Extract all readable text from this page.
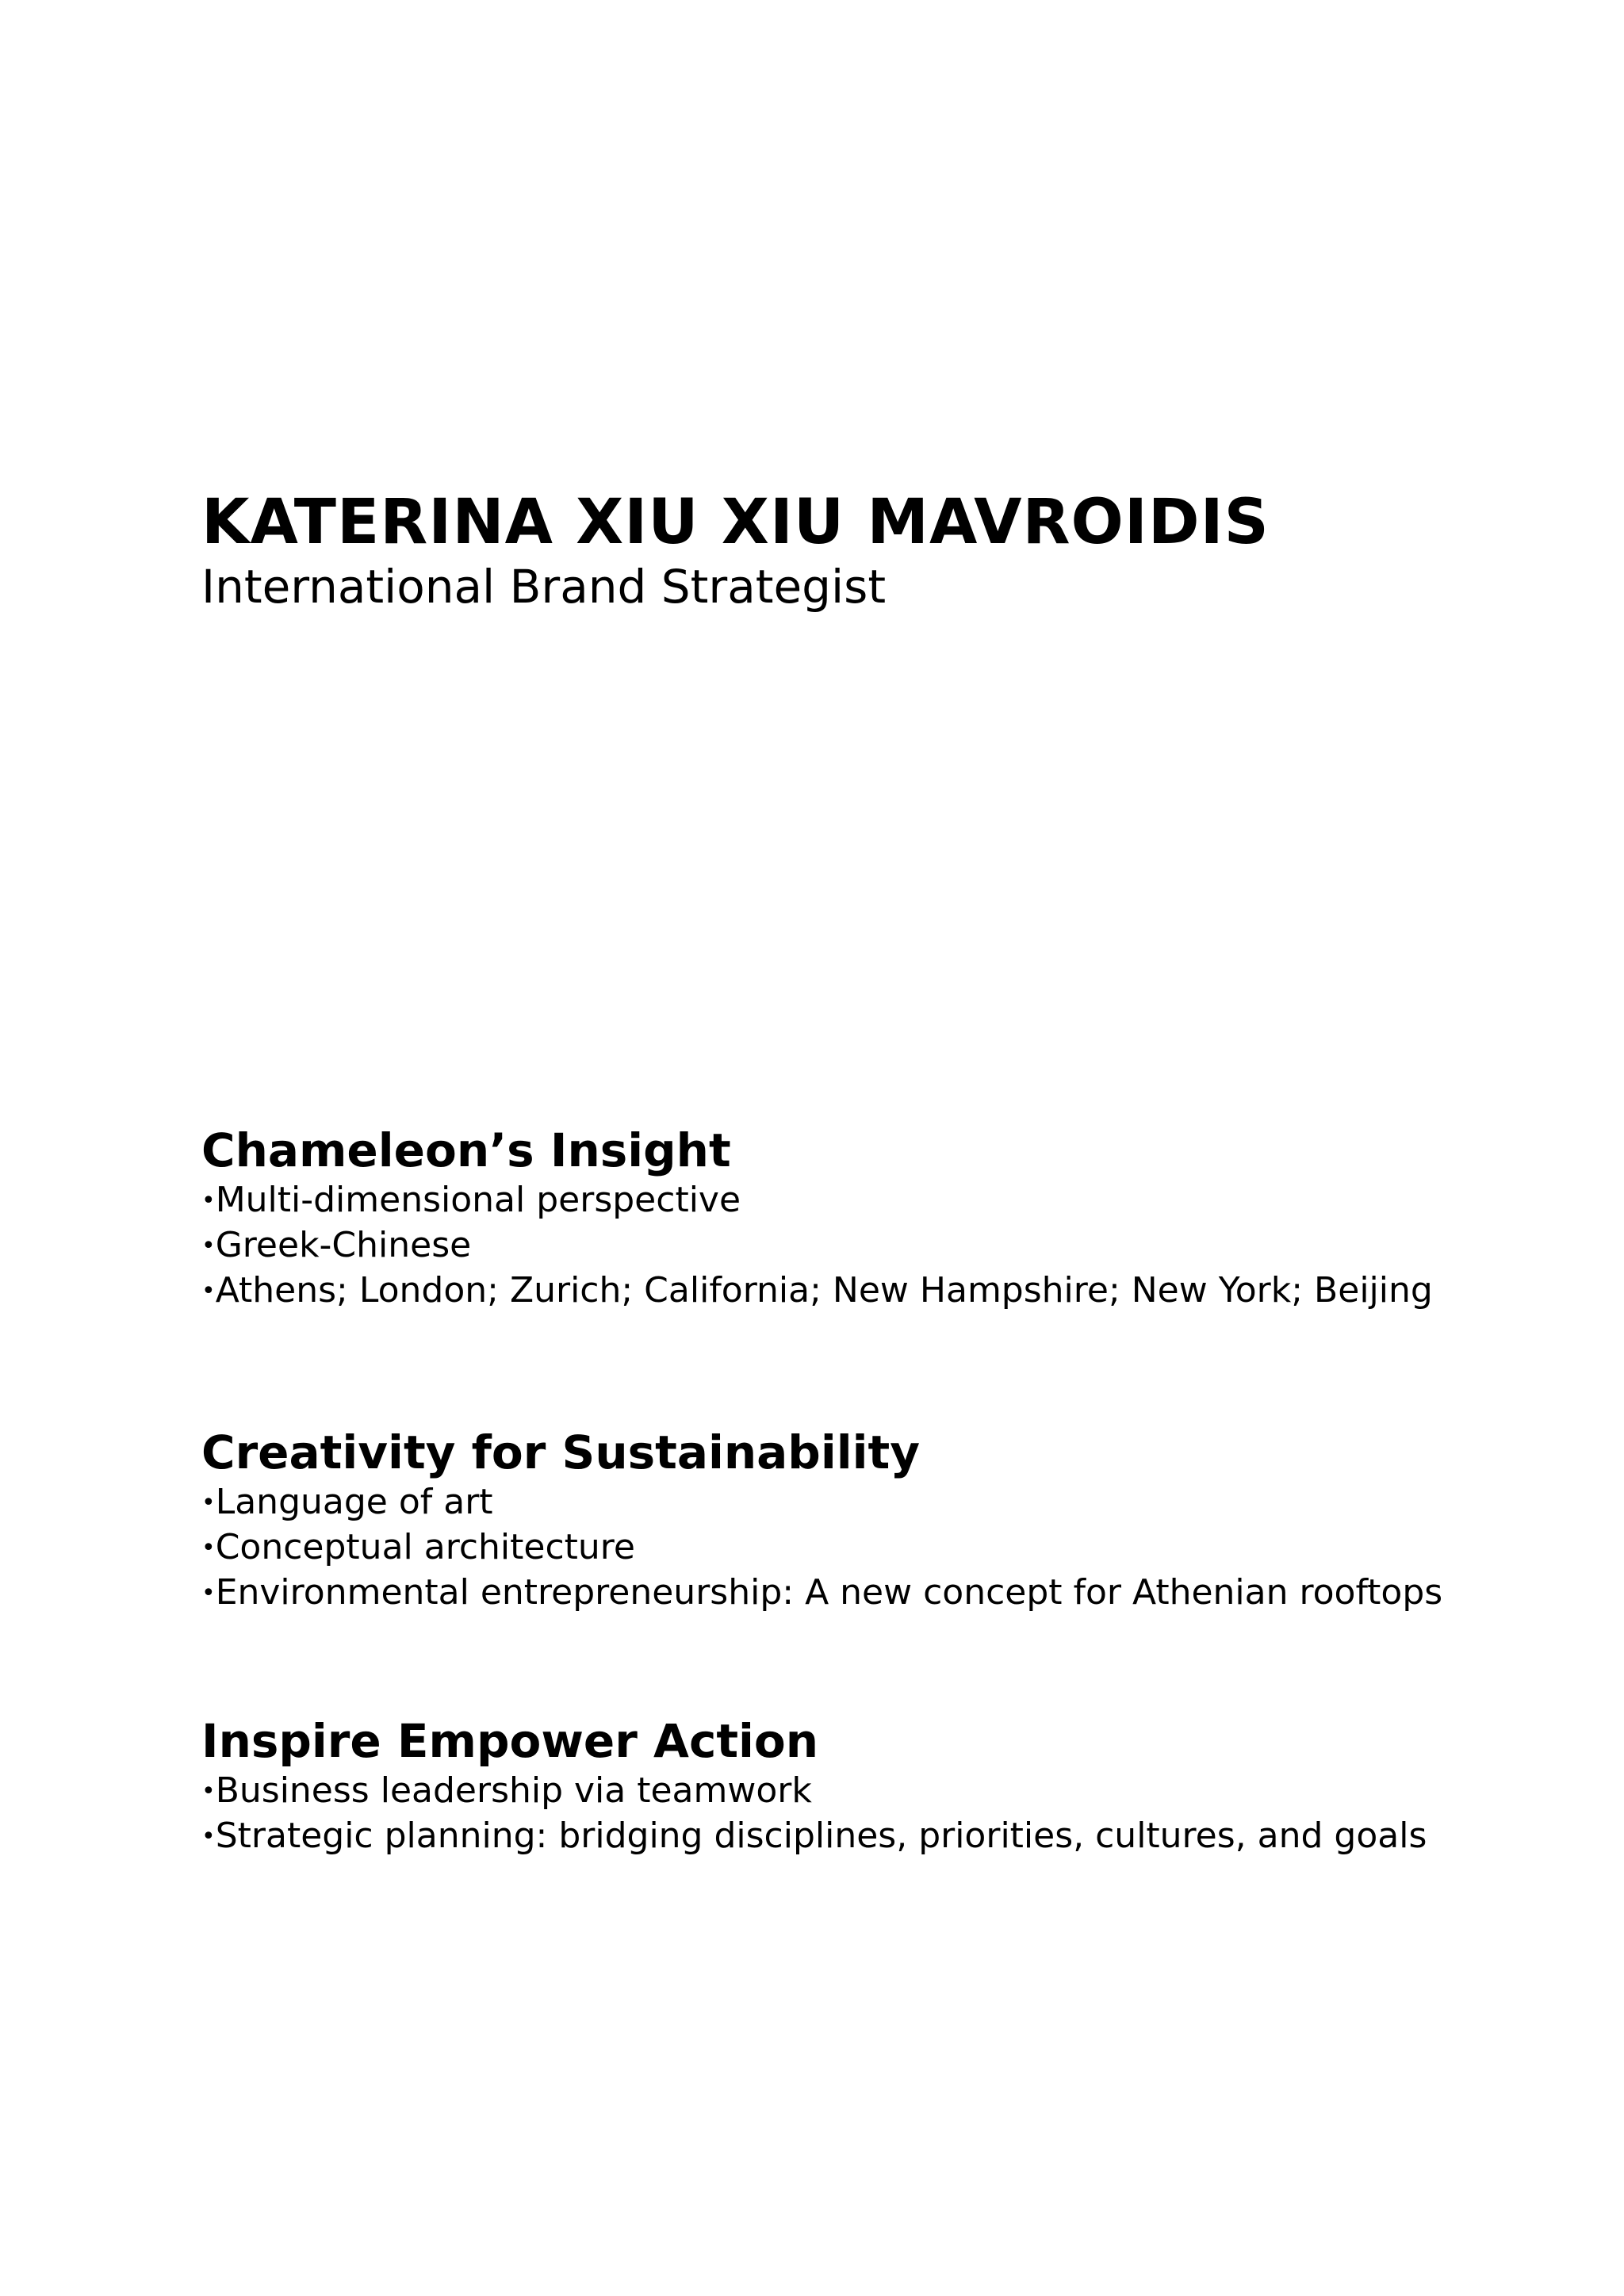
KATERINA XIU XIU MAVROIDIS
International Brand Strategist
Chameleon’s Insight
•Multi-dimensional perspective
•Greek-Chinese
•Athens; London; Zurich; California; New Hampshire; New York; Beijing
Creativity for Sustainability
•Language of art
•Conceptual architecture
•Environmental entrepreneurship: A new concept for Athenian rooftops
Inspire Empower Action
•Business leadership via teamwork
•Strategic planning: bridging disciplines, priorities, cultures, and goals
